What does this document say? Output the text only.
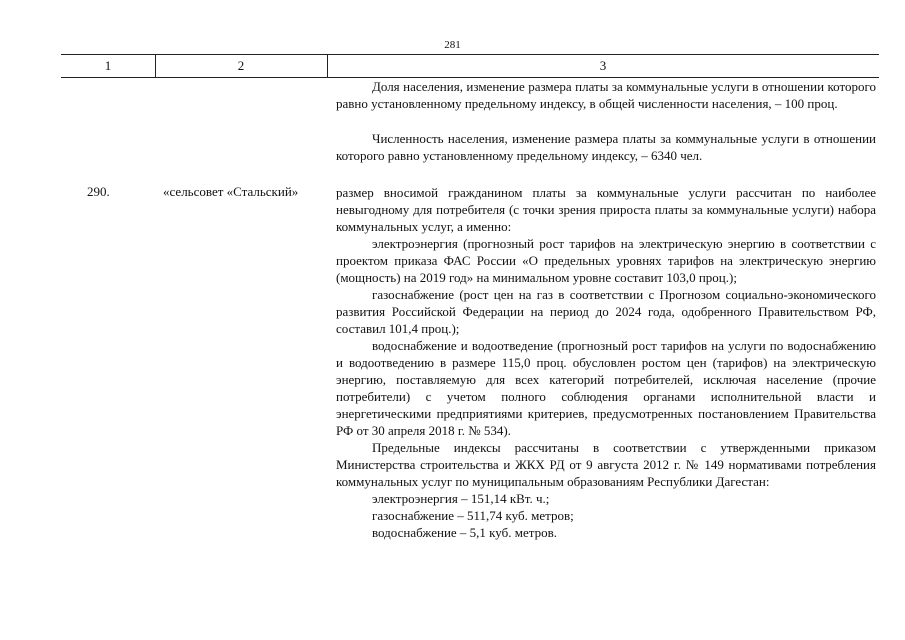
281
1	2	3

Доля населения, изменение размера платы за коммунальные услуги в отношении которого равно установленному предельному индексу, в общей численности населения, – 100 проц.

Численность населения, изменение размера платы за коммунальные услуги в отношении которого равно установленному предельному индексу, – 6340 чел.

290.	«сельсовет «Стальский»	размер вносимой гражданином платы за коммунальные услуги рассчитан по наиболее невыгодному для потребителя (с точки зрения прироста платы за коммунальные услуги) набора коммунальных услуг, а именно:

электроэнергия (прогнозный рост тарифов на электрическую энергию в соответствии с проектом приказа ФАС России «О предельных уровнях тарифов на электрическую энергию (мощность) на 2019 год» на минимальном уровне составит 103,0 проц.);

газоснабжение (рост цен на газ в соответствии с Прогнозом социально-экономического развития Российской Федерации на период до 2024 года, одобренного Правительством РФ, составил 101,4 проц.);

водоснабжение и водоотведение (прогнозный рост тарифов на услуги по водоснабжению и водоотведению в размере 115,0 проц. обусловлен ростом цен (тарифов) на электрическую энергию, поставляемую для всех категорий потребителей, исключая население (прочие потребители) с учетом полного соблюдения органами исполнительной власти и энергетическими предприятиями критериев, предусмотренных постановлением Правительства РФ от 30 апреля 2018 г. № 534).

Предельные индексы рассчитаны в соответствии с утвержденными приказом Министерства строительства и ЖКХ РД от 9 августа 2012 г. № 149 нормативами потребления коммунальных услуг по муниципальным образованиям Республики Дагестан:

электроэнергия – 151,14 кВт. ч.;

газоснабжение – 511,74 куб. метров;

водоснабжение – 5,1 куб. метров.
